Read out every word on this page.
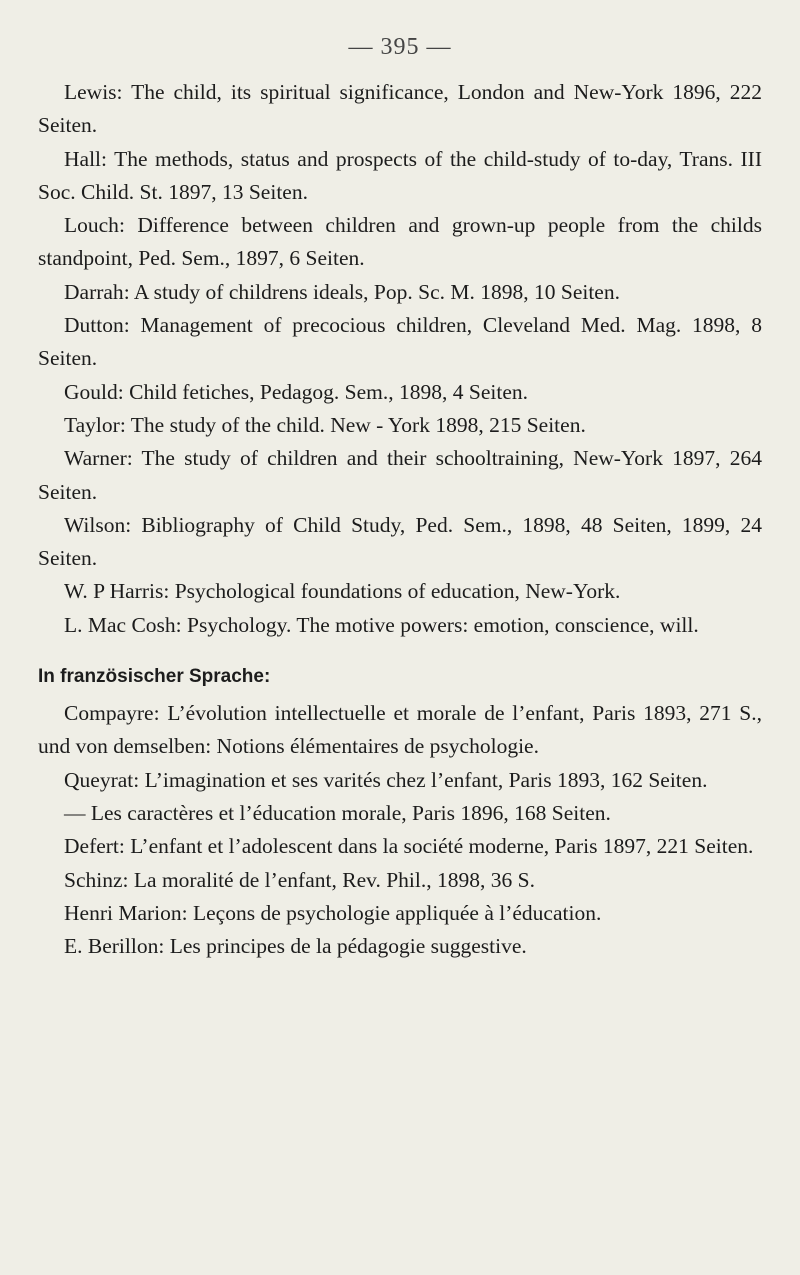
— 395 —

Lewis: The child, its spiritual significance, London and New-York 1896, 222 Seiten.

Hall: The methods, status and prospects of the child-study of to-day, Trans. III Soc. Child. St. 1897, 13 Seiten.

Louch: Difference between children and grown-up people from the childs standpoint, Ped. Sem., 1897, 6 Seiten.

Darrah: A study of childrens ideals, Pop. Sc. M. 1898, 10 Seiten.

Dutton: Management of precocious children, Cleveland Med. Mag. 1898, 8 Seiten.

Gould: Child fetiches, Pedagog. Sem., 1898, 4 Seiten.

Taylor: The study of the child. New - York 1898, 215 Seiten.

Warner: The study of children and their schooltraining, New-York 1897, 264 Seiten.

Wilson: Bibliography of Child Study, Ped. Sem., 1898, 48 Seiten, 1899, 24 Seiten.

W. P Harris: Psychological foundations of education, New-York.

L. Mac Cosh: Psychology. The motive powers: emotion, conscience, will.

In französischer Sprache:

Compayre: L’évolution intellectuelle et morale de l’enfant, Paris 1893, 271 S., und von demselben: Notions élémentaires de psychologie.

Queyrat: L’imagination et ses varités chez l’enfant, Paris 1893, 162 Seiten.

— Les caractères et l’éducation morale, Paris 1896, 168 Seiten.

Defert: L’enfant et l’adolescent dans la société moderne, Paris 1897, 221 Seiten.

Schinz: La moralité de l’enfant, Rev. Phil., 1898, 36 S.

Henri Marion: Leçons de psychologie appliquée à l’éducation.

E. Berillon: Les principes de la pédagogie suggestive.
